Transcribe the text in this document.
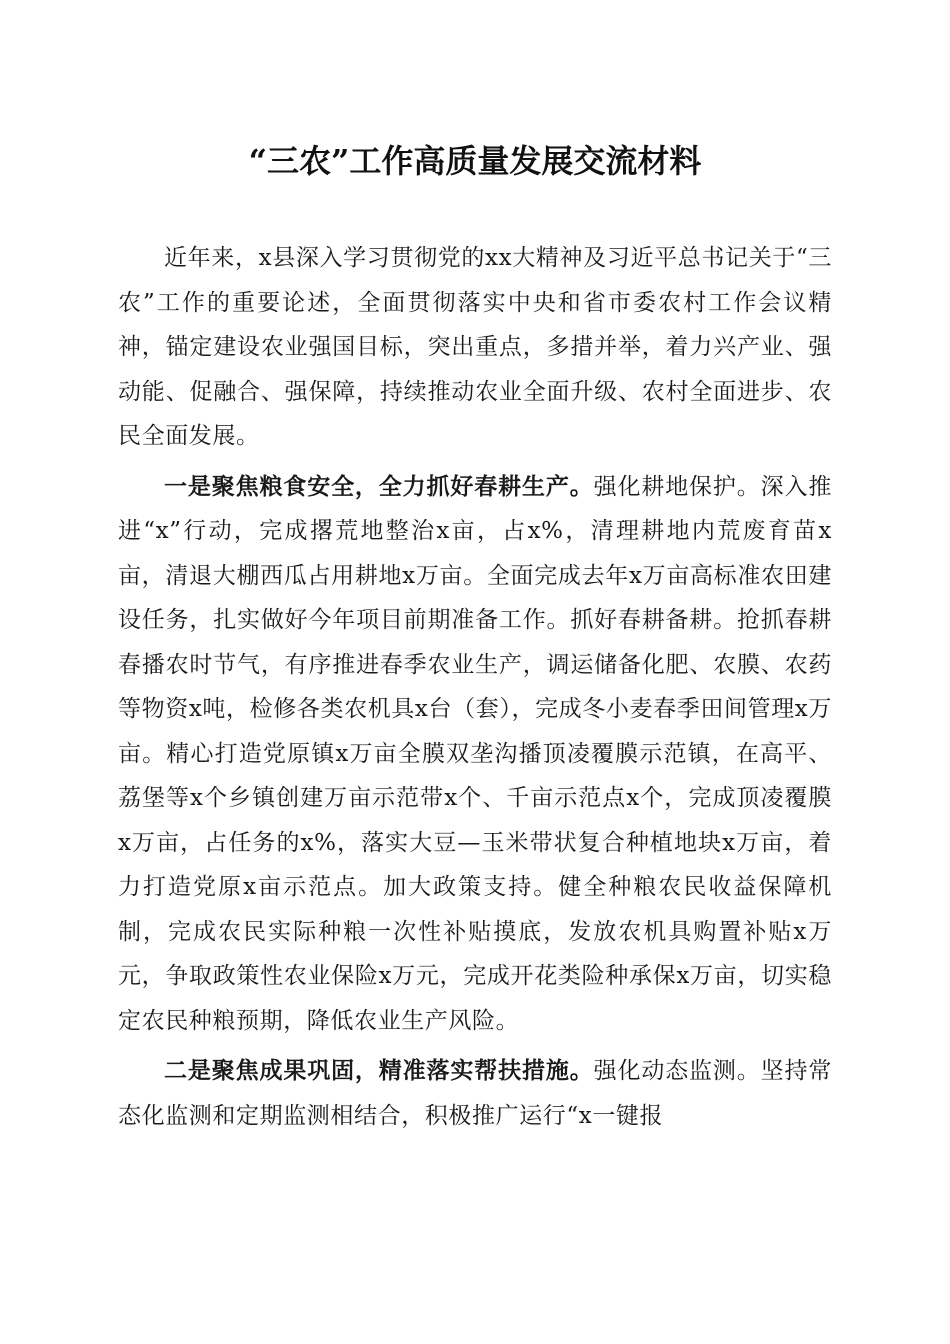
“三农”工作高质量发展交流材料

近年来，x县深入学习贯彻党的xx大精神及习近平总书记关于“三农”工作的重要论述，全面贯彻落实中央和省市委农村工作会议精神，锚定建设农业强国目标，突出重点，多措并举，着力兴产业、强动能、促融合、强保障，持续推动农业全面升级、农村全面进步、农民全面发展。

一是聚焦粮食安全，全力抓好春耕生产。强化耕地保护。深入推进“x”行动，完成撂荒地整治x亩，占x%，清理耕地内荒废育苗x亩，清退大棚西瓜占用耕地x万亩。全面完成去年x万亩高标准农田建设任务，扎实做好今年项目前期准备工作。抓好春耕备耕。抢抓春耕春播农时节气，有序推进春季农业生产，调运储备化肥、农膜、农药等物资x吨，检修各类农机具x台（套），完成冬小麦春季田间管理x万亩。精心打造党原镇x万亩全膜双垄沟播顶凌覆膜示范镇，在高平、荔堡等x个乡镇创建万亩示范带x个、千亩示范点x个，完成顶凌覆膜x万亩，占任务的x%，落实大豆—玉米带状复合种植地块x万亩，着力打造党原x亩示范点。加大政策支持。健全种粮农民收益保障机制，完成农民实际种粮一次性补贴摸底，发放农机具购置补贴x万元，争取政策性农业保险x万元，完成开花类险种承保x万亩，切实稳定农民种粮预期，降低农业生产风险。

二是聚焦成果巩固，精准落实帮扶措施。强化动态监测。坚持常态化监测和定期监测相结合，积极推广运行“x一键报
